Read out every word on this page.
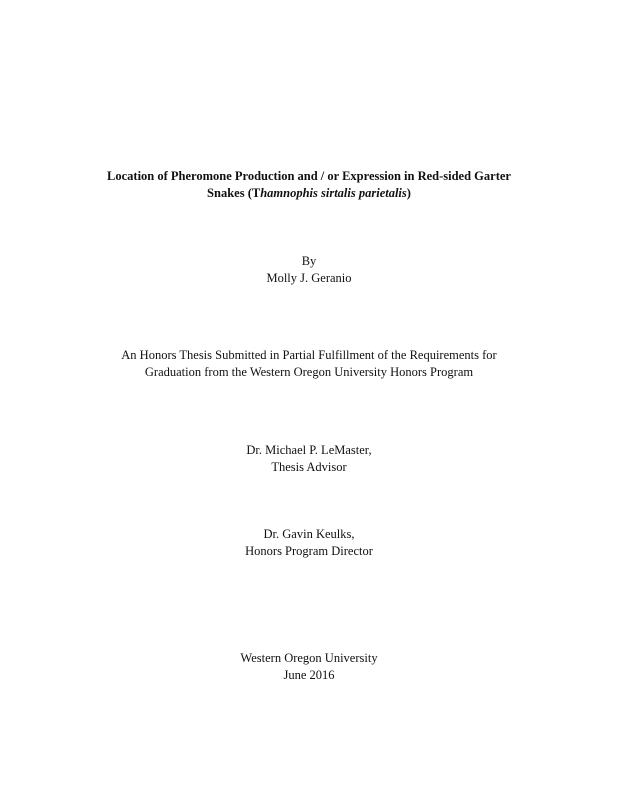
Location of Pheromone Production and / or Expression in Red-sided Garter
Snakes (Thamnophis sirtalis parietalis)
By
Molly J. Geranio
An Honors Thesis Submitted in Partial Fulfillment of the Requirements for
Graduation from the Western Oregon University Honors Program
Dr. Michael P. LeMaster,
Thesis Advisor
Dr. Gavin Keulks,
Honors Program Director
Western Oregon University
June 2016
